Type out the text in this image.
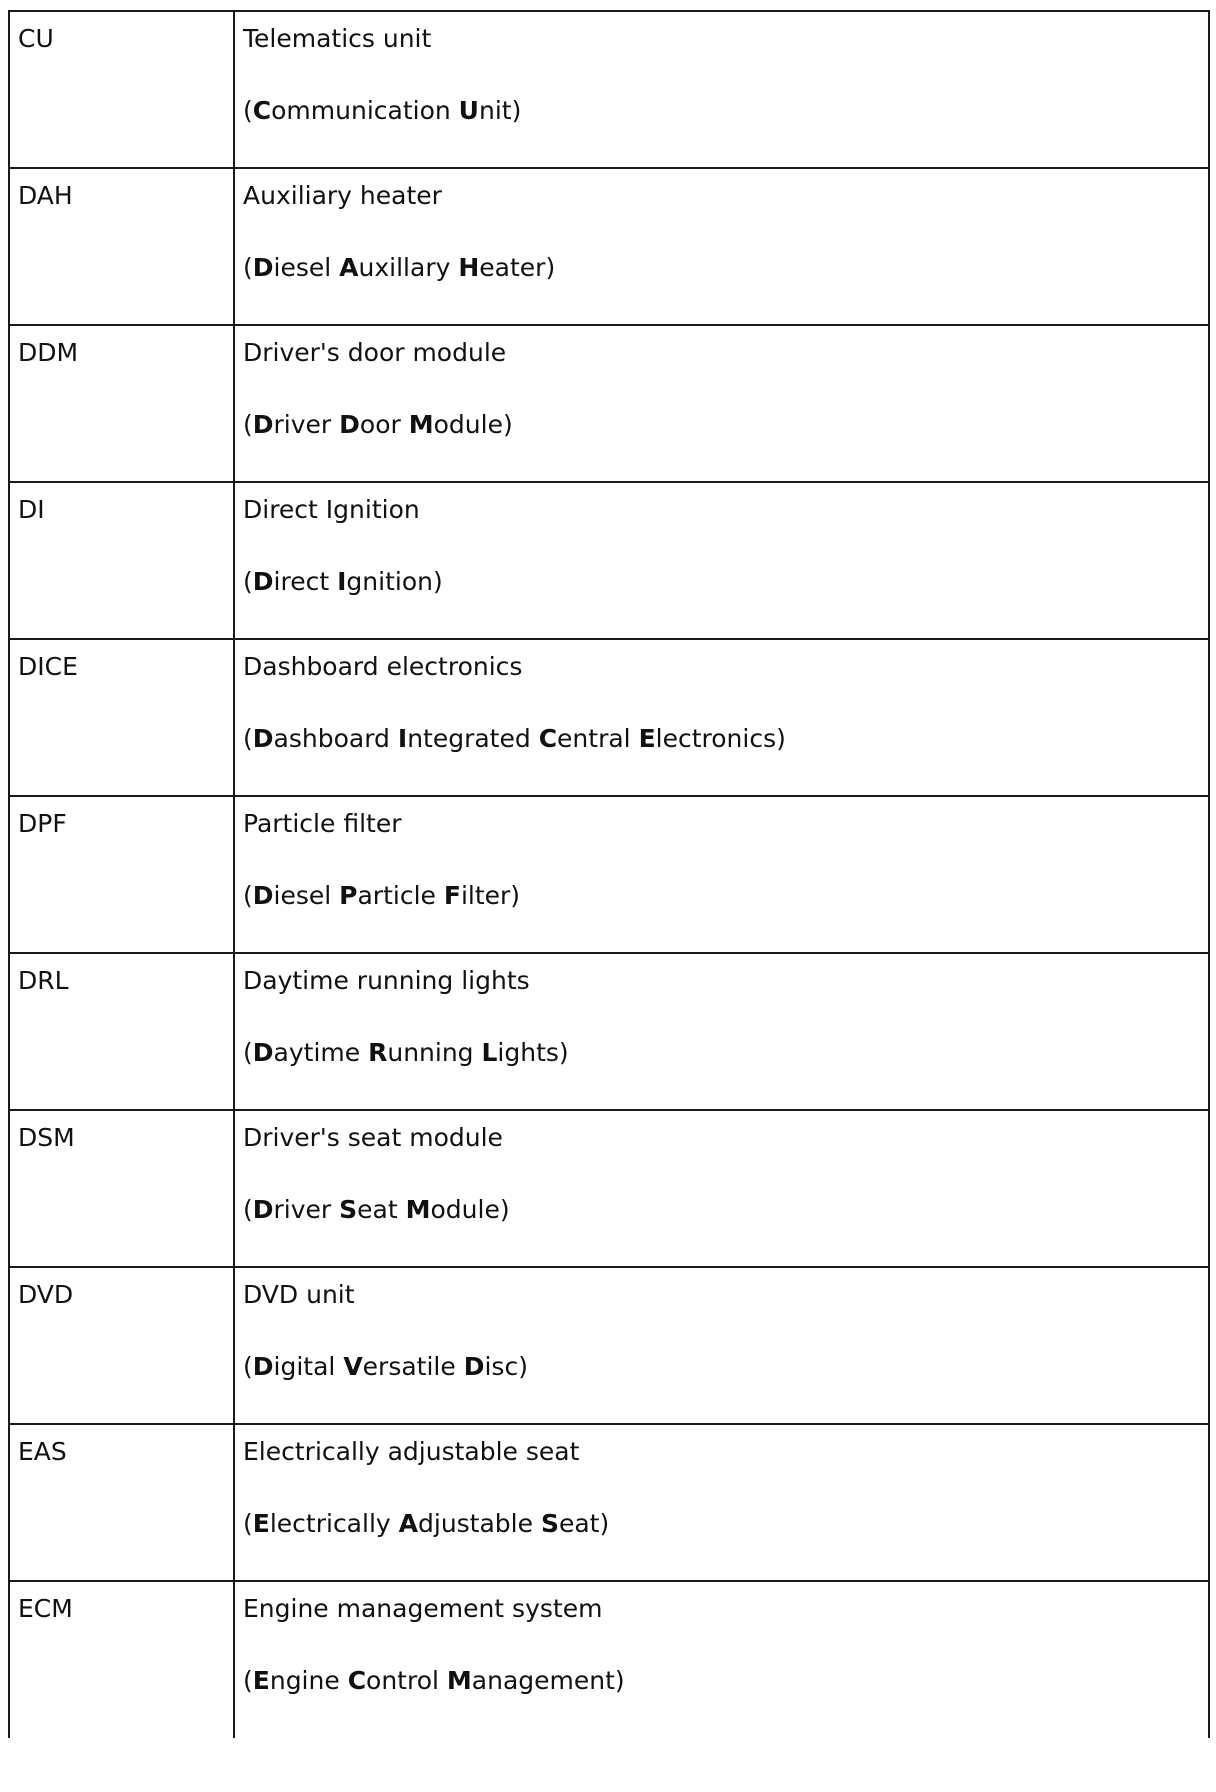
CU	Telematics unit
(Communication Unit)

DAH	Auxiliary heater
(Diesel Auxillary Heater)

DDM	Driver's door module
(Driver Door Module)

DI	Direct Ignition
(Direct Ignition)

DICE	Dashboard electronics
(Dashboard Integrated Central Electronics)

DPF	Particle filter
(Diesel Particle Filter)

DRL	Daytime running lights
(Daytime Running Lights)

DSM	Driver's seat module
(Driver Seat Module)

DVD	DVD unit
(Digital Versatile Disc)

EAS	Electrically adjustable seat
(Electrically Adjustable Seat)

ECM	Engine management system
(Engine Control Management)
